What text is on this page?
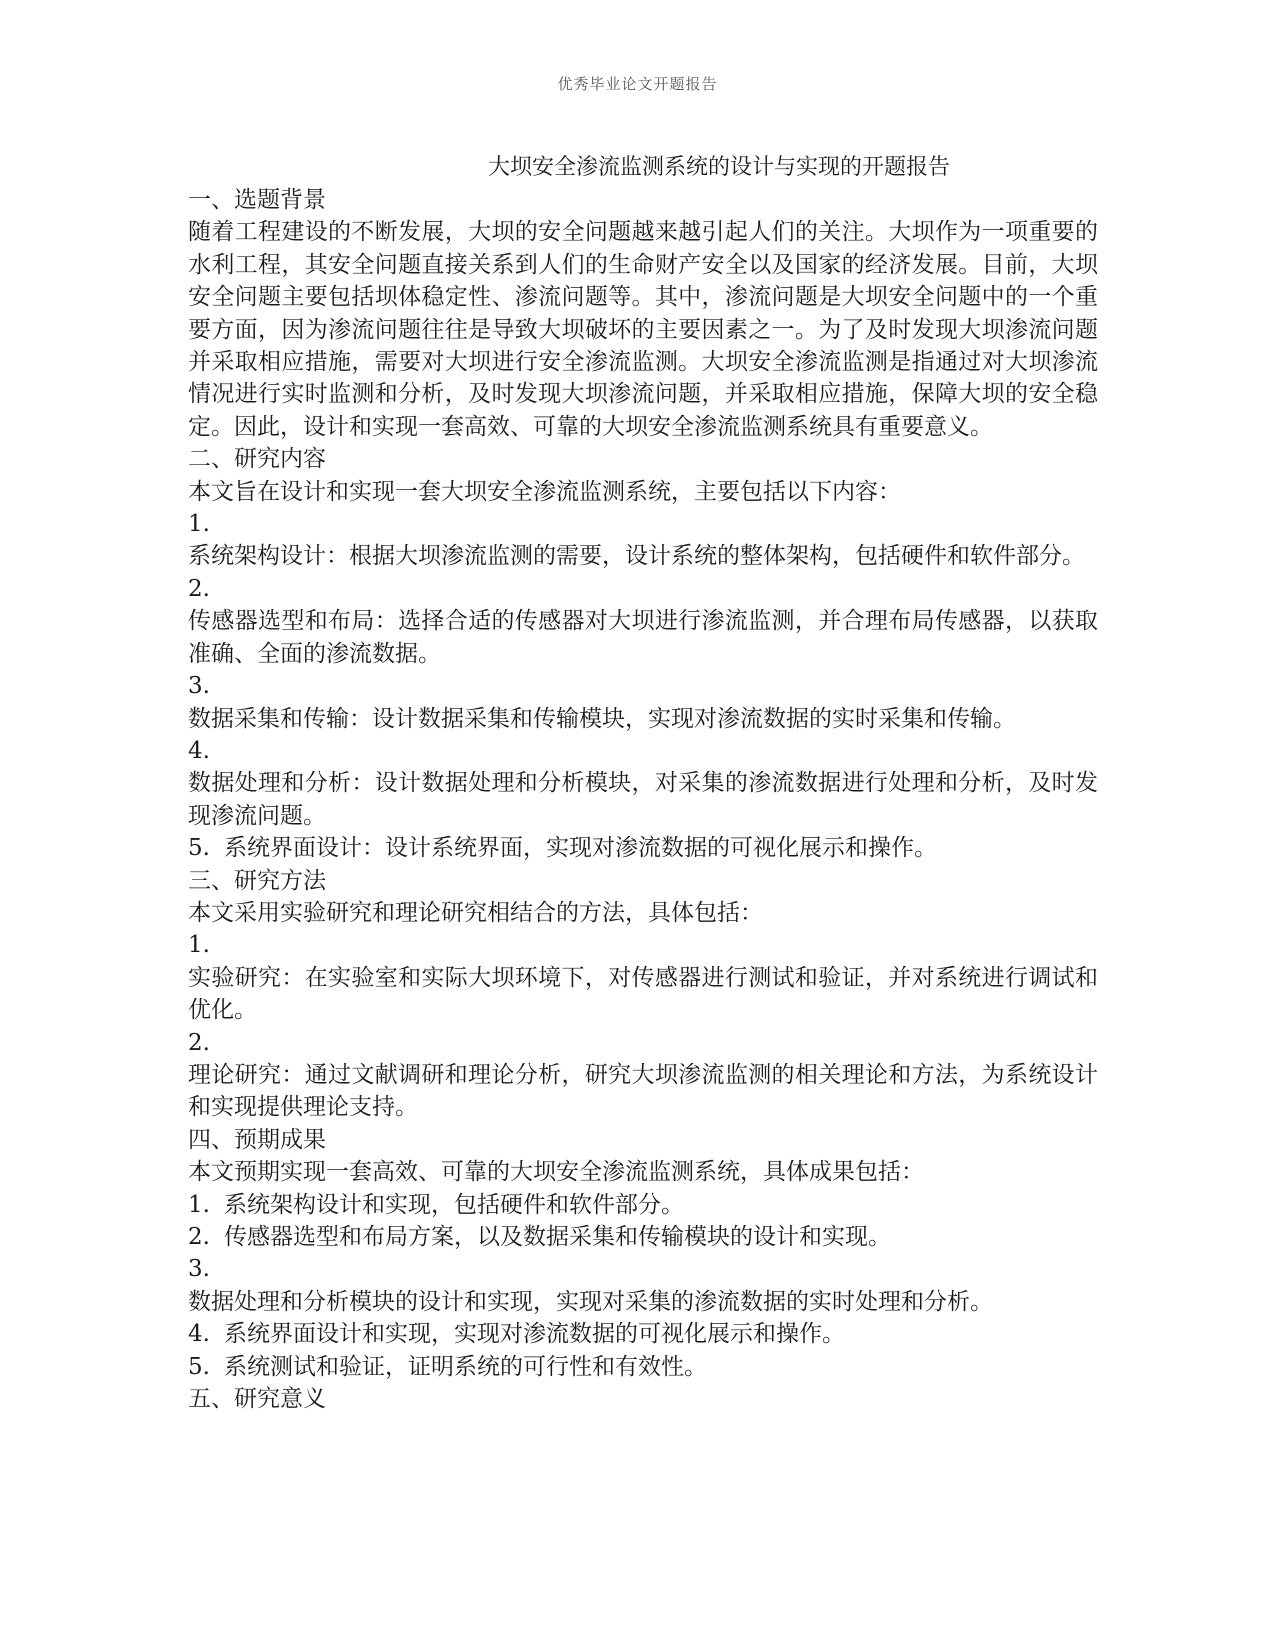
优秀毕业论文开题报告
大坝安全渗流监测系统的设计与实现的开题报告

一、选题背景

随着工程建设的不断发展，大坝的安全问题越来越引起人们的关注。大坝作为一项重要的水利工程，其安全问题直接关系到人们的生命财产安全以及国家的经济发展。目前，大坝安全问题主要包括坝体稳定性、渗流问题等。其中，渗流问题是大坝安全问题中的一个重要方面，因为渗流问题往往是导致大坝破坏的主要因素之一。为了及时发现大坝渗流问题并采取相应措施，需要对大坝进行安全渗流监测。大坝安全渗流监测是指通过对大坝渗流情况进行实时监测和分析，及时发现大坝渗流问题，并采取相应措施，保障大坝的安全稳定。因此，设计和实现一套高效、可靠的大坝安全渗流监测系统具有重要意义。

二、研究内容

本文旨在设计和实现一套大坝安全渗流监测系统，主要包括以下内容：

1.

系统架构设计：根据大坝渗流监测的需要，设计系统的整体架构，包括硬件和软件部分。

2.

传感器选型和布局：选择合适的传感器对大坝进行渗流监测，并合理布局传感器，以获取准确、全面的渗流数据。

3.

数据采集和传输：设计数据采集和传输模块，实现对渗流数据的实时采集和传输。

4.

数据处理和分析：设计数据处理和分析模块，对采集的渗流数据进行处理和分析，及时发现渗流问题。

5. 系统界面设计：设计系统界面，实现对渗流数据的可视化展示和操作。

三、研究方法

本文采用实验研究和理论研究相结合的方法，具体包括：

1.

实验研究：在实验室和实际大坝环境下，对传感器进行测试和验证，并对系统进行调试和优化。

2.

理论研究：通过文献调研和理论分析，研究大坝渗流监测的相关理论和方法，为系统设计和实现提供理论支持。

四、预期成果

本文预期实现一套高效、可靠的大坝安全渗流监测系统，具体成果包括：

1. 系统架构设计和实现，包括硬件和软件部分。

2. 传感器选型和布局方案，以及数据采集和传输模块的设计和实现。

3.

数据处理和分析模块的设计和实现，实现对采集的渗流数据的实时处理和分析。

4. 系统界面设计和实现，实现对渗流数据的可视化展示和操作。

5. 系统测试和验证，证明系统的可行性和有效性。

五、研究意义
